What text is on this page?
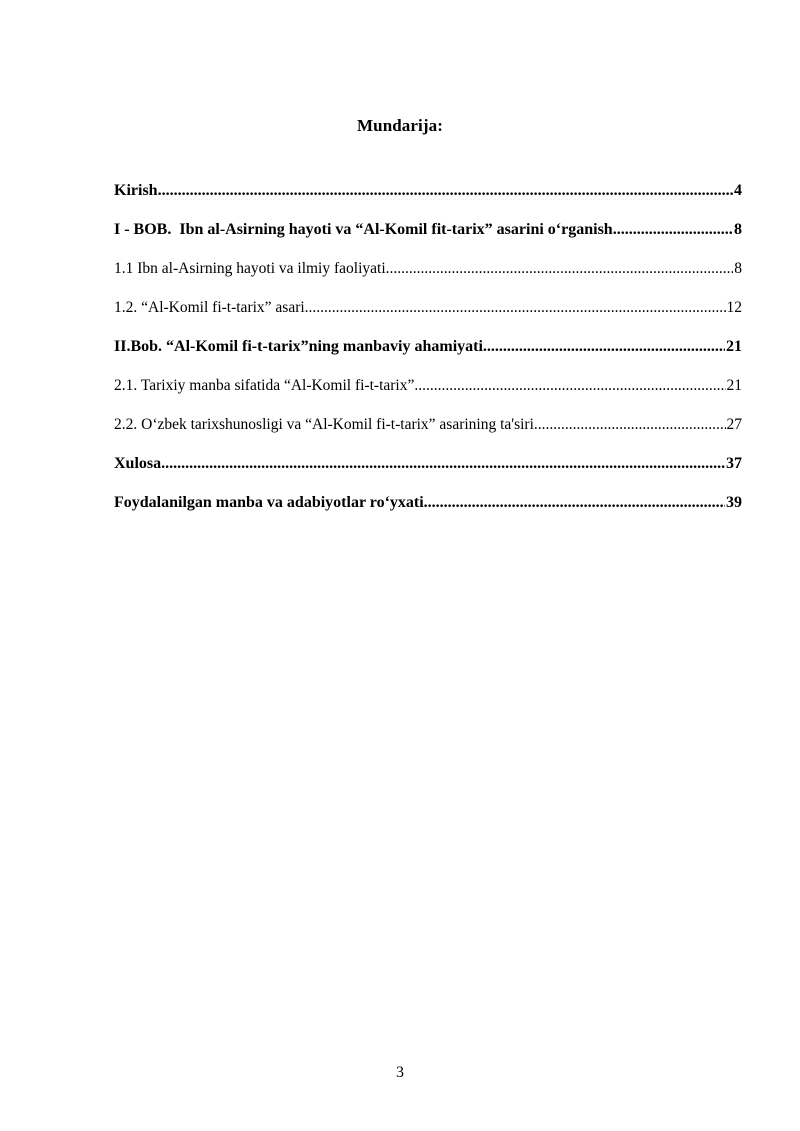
Mundarija:
Kirish .....	4
I - BOB.  Ibn al-Asirning hayoti va “Al-Komil fit-tarix” asarini o‘rganish .....	8
1.1 Ibn al-Asirning hayoti va ilmiy faoliyati .....	8
1.2. “Al-Komil fi-t-tarix” asari .....	12
II.Bob. “Al-Komil fi-t-tarix”ning manbaviy ahamiyati .....	21
2.1. Tarixiy manba sifatida “Al-Komil fi-t-tarix” .....	21
2.2. O‘zbek tarixshunosligi va “Al-Komil fi-t-tarix” asarining ta'siri .....	27
Xulosa .....	37
Foydalanilgan manba va adabiyotlar ro‘yxati .....	39
3
